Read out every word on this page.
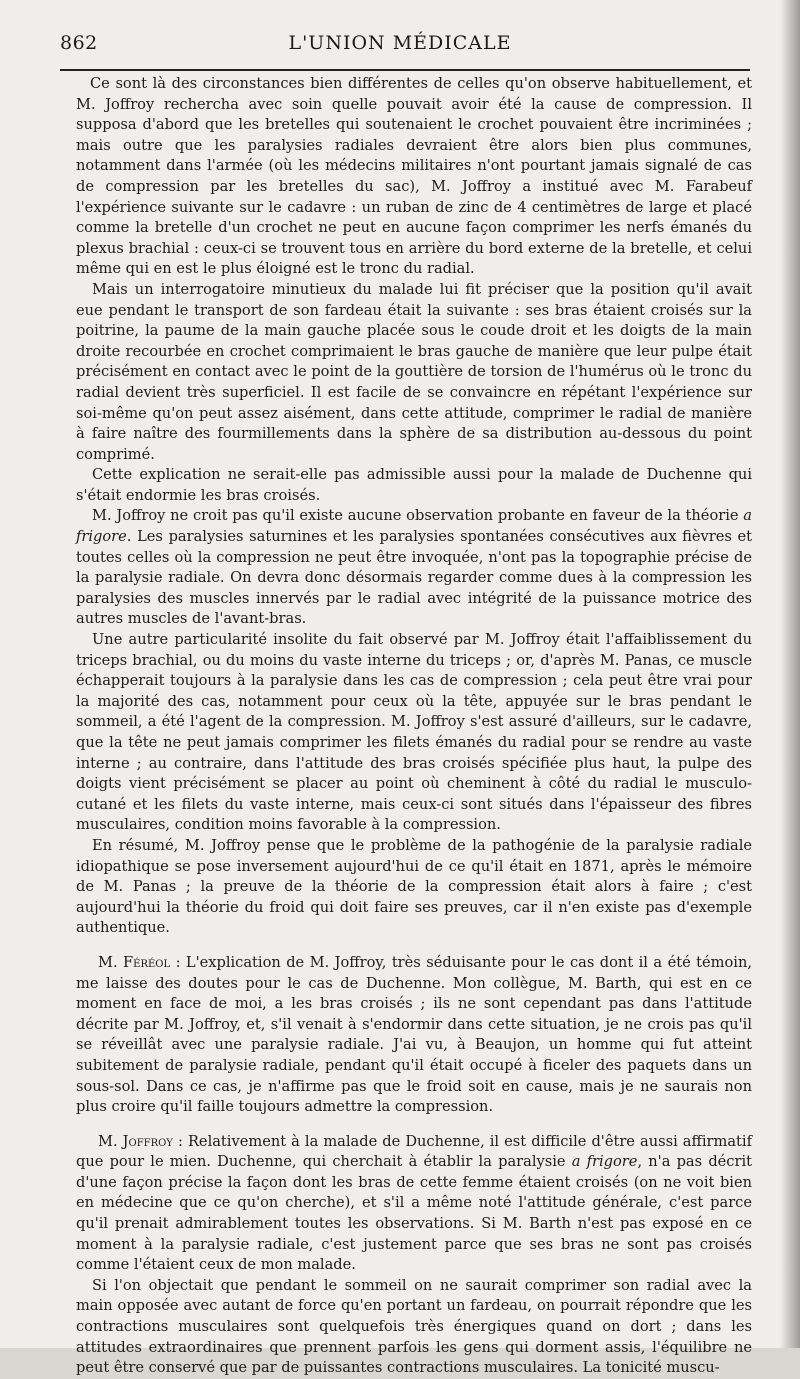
862	L'UNION MÉDICALE

Ce sont là des circonstances bien différentes de celles qu'on observe habituellement, et M. Joffroy rechercha avec soin quelle pouvait avoir été la cause de compression. Il supposa d'abord que les bretelles qui soutenaient le crochet pouvaient être incriminées ; mais outre que les paralysies radiales devraient être alors bien plus communes, notamment dans l'armée (où les médecins militaires n'ont pourtant jamais signalé de cas de compression par les bretelles du sac), M. Joffroy a institué avec M. Farabeuf l'expérience suivante sur le cadavre : un ruban de zinc de 4 centimètres de large et placé comme la bretelle d'un crochet ne peut en aucune façon comprimer les nerfs émanés du plexus brachial : ceux-ci se trouvent tous en arrière du bord externe de la bretelle, et celui même qui en est le plus éloigné est le tronc du radial.

Mais un interrogatoire minutieux du malade lui fit préciser que la position qu'il avait eue pendant le transport de son fardeau était la suivante : ses bras étaient croisés sur la poitrine, la paume de la main gauche placée sous le coude droit et les doigts de la main droite recourbée en crochet comprimaient le bras gauche de manière que leur pulpe était précisément en contact avec le point de la gouttière de torsion de l'humérus où le tronc du radial devient très superficiel. Il est facile de se convaincre en répétant l'expérience sur soi-même qu'on peut assez aisément, dans cette attitude, comprimer le radial de manière à faire naître des fourmillements dans la sphère de sa distribution au-dessous du point comprimé.

Cette explication ne serait-elle pas admissible aussi pour la malade de Duchenne qui s'était endormie les bras croisés.

M. Joffroy ne croit pas qu'il existe aucune observation probante en faveur de la théorie a frigore. Les paralysies saturnines et les paralysies spontanées consécutives aux fièvres et toutes celles où la compression ne peut être invoquée, n'ont pas la topographie précise de la paralysie radiale. On devra donc désormais regarder comme dues à la compression les paralysies des muscles innervés par le radial avec intégrité de la puissance motrice des autres muscles de l'avant-bras.

Une autre particularité insolite du fait observé par M. Joffroy était l'affaiblissement du triceps brachial, ou du moins du vaste interne du triceps ; or, d'après M. Panas, ce muscle échapperait toujours à la paralysie dans les cas de compression ; cela peut être vrai pour la majorité des cas, notamment pour ceux où la tête, appuyée sur le bras pendant le sommeil, a été l'agent de la compression. M. Joffroy s'est assuré d'ailleurs, sur le cadavre, que la tête ne peut jamais comprimer les filets émanés du radial pour se rendre au vaste interne ; au contraire, dans l'attitude des bras croisés spécifiée plus haut, la pulpe des doigts vient précisément se placer au point où cheminent à côté du radial le musculo-cutané et les filets du vaste interne, mais ceux-ci sont situés dans l'épaisseur des fibres musculaires, condition moins favorable à la compression.

En résumé, M. Joffroy pense que le problème de la pathogénie de la paralysie radiale idiopathique se pose inversement aujourd'hui de ce qu'il était en 1871, après le mémoire de M. Panas ; la preuve de la théorie de la compression était alors à faire ; c'est aujourd'hui la théorie du froid qui doit faire ses preuves, car il n'en existe pas d'exemple authentique.

M. Féréol : L'explication de M. Joffroy, très séduisante pour le cas dont il a été témoin, me laisse des doutes pour le cas de Duchenne. Mon collègue, M. Barth, qui est en ce moment en face de moi, a les bras croisés ; ils ne sont cependant pas dans l'attitude décrite par M. Joffroy, et, s'il venait à s'endormir dans cette situation, je ne crois pas qu'il se réveillât avec une paralysie radiale. J'ai vu, à Beaujon, un homme qui fut atteint subitement de paralysie radiale, pendant qu'il était occupé à ficeler des paquets dans un sous-sol. Dans ce cas, je n'affirme pas que le froid soit en cause, mais je ne saurais non plus croire qu'il faille toujours admettre la compression.

M. Joffroy : Relativement à la malade de Duchenne, il est difficile d'être aussi affirmatif que pour le mien. Duchenne, qui cherchait à établir la paralysie a frigore, n'a pas décrit d'une façon précise la façon dont les bras de cette femme étaient croisés (on ne voit bien en médecine que ce qu'on cherche), et s'il a même noté l'attitude générale, c'est parce qu'il prenait admirablement toutes les observations. Si M. Barth n'est pas exposé en ce moment à la paralysie radiale, c'est justement parce que ses bras ne sont pas croisés comme l'étaient ceux de mon malade.

Si l'on objectait que pendant le sommeil on ne saurait comprimer son radial avec la main opposée avec autant de force qu'en portant un fardeau, on pourrait répondre que les contractions musculaires sont quelquefois très énergiques quand on dort ; dans les attitudes extraordinaires que prennent parfois les gens qui dorment assis, l'équilibre ne peut être conservé que par de puissantes contractions musculaires. La tonicité muscu-
